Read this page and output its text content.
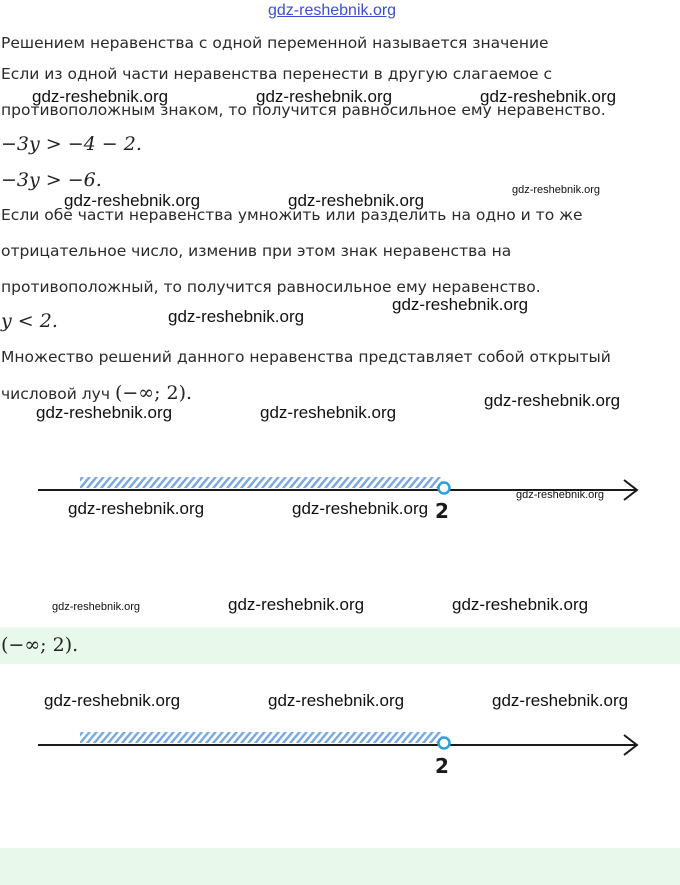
gdz-reshebnik.org
Решением неравенства с одной переменной называется значение
Если из одной части неравенства перенести в другую слагаемое с
противоположным знаком, то получится равносильное ему неравенство.
−3y > −4 − 2.
−3y > −6.
Если обе части неравенства умножить или разделить на одно и то же
отрицательное число, изменив при этом знак неравенства на
противоположный, то получится равносильное ему неравенство.
y < 2.
Множество решений данного неравенства представляет собой открытый
числовой луч (−∞; 2).
2
(−∞; 2).
2
gdz-reshebnik.org	gdz-reshebnik.org	gdz-reshebnik.org
gdz-reshebnik.org	gdz-reshebnik.org
gdz-reshebnik.org
gdz-reshebnik.org
gdz-reshebnik.org
gdz-reshebnik.org	gdz-reshebnik.org
gdz-reshebnik.org
gdz-reshebnik.org	gdz-reshebnik.org
gdz-reshebnik.org
gdz-reshebnik.org	gdz-reshebnik.org	gdz-reshebnik.org
gdz-reshebnik.org	gdz-reshebnik.org	gdz-reshebnik.org
